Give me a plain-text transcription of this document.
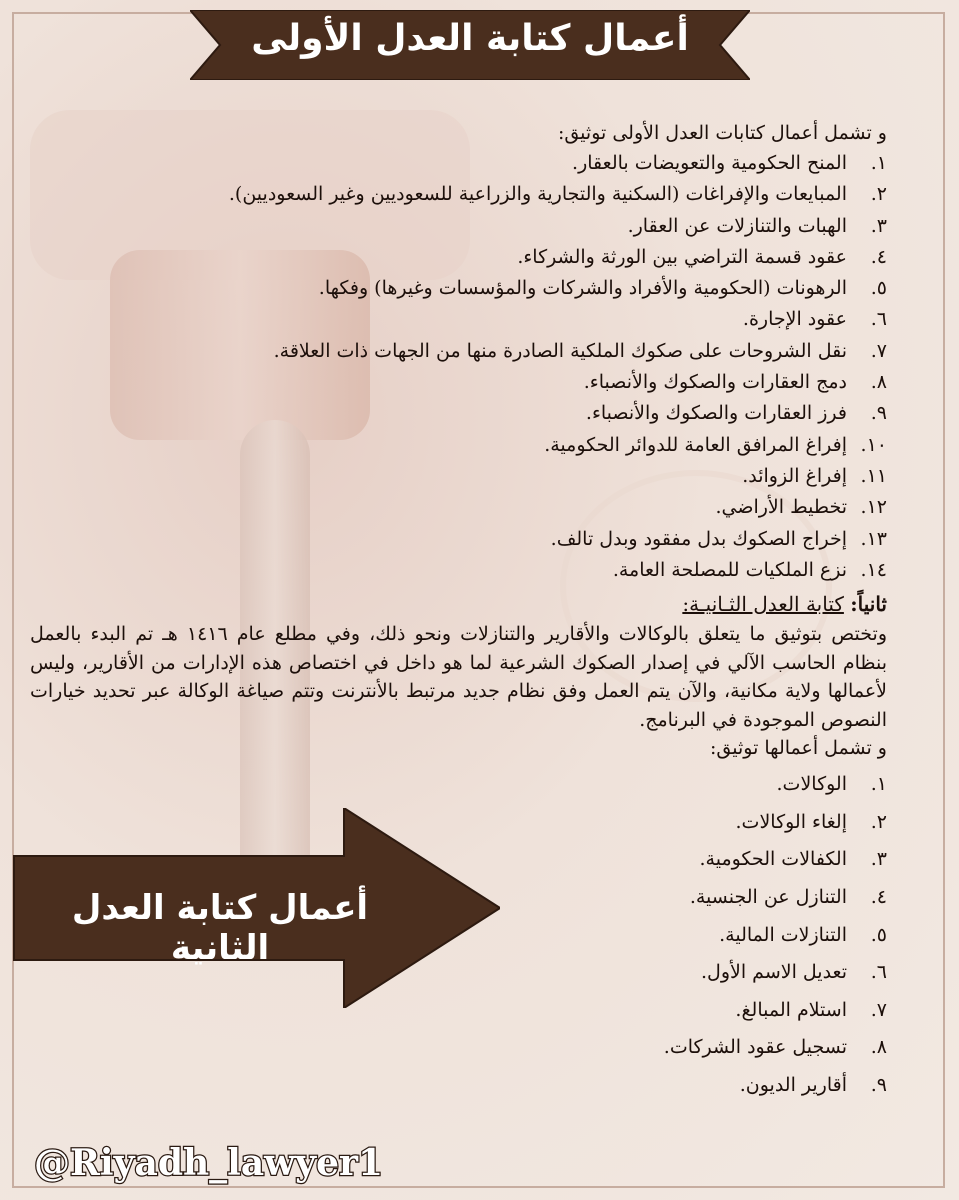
أعمال كتابة العدل الأولى
و تشمل أعمال كتابات العدل الأولى توثيق:
١.
المنح الحكومية والتعويضات بالعقار.
٢.
المبايعات والإفراغات (السكنية والتجارية والزراعية للسعوديين وغير السعوديين).
٣.
الهبات والتنازلات عن العقار.
٤.
عقود قسمة التراضي بين الورثة والشركاء.
٥.
الرهونات (الحكومية والأفراد والشركات والمؤسسات وغيرها) وفكها.
٦.
عقود الإجارة.
٧.
نقل الشروحات على صكوك الملكية الصادرة منها من الجهات ذات العلاقة.
٨.
دمج العقارات والصكوك والأنصباء.
٩.
فرز العقارات والصكوك والأنصباء.
١٠.
إفراغ المرافق العامة للدوائر الحكومية.
١١.
إفراغ الزوائد.
١٢.
تخطيط الأراضي.
١٣.
إخراج الصكوك بدل مفقود وبدل تالف.
١٤.
نزع الملكيات للمصلحة العامة.
ثانياً: كتابة العدل الثـانيـة:
وتختص بتوثيق ما يتعلق بالوكالات والأقارير والتنازلات ونحو ذلك، وفي مطلع عام ١٤١٦ هـ تم البدء بالعمل بنظام الحاسب الآلي في إصدار الصكوك الشرعية لما هو داخل في اختصاص هذه الإدارات من الأقارير، وليس لأعمالها ولاية مكانية، والآن يتم العمل وفق نظام جديد مرتبط بالأنترنت وتتم صياغة الوكالة عبر تحديد خيارات النصوص الموجودة في البرنامج.
و تشمل أعمالها توثيق:
١.
الوكالات.
٢.
إلغاء الوكالات.
٣.
الكفالات الحكومية.
٤.
التنازل عن الجنسية.
٥.
التنازلات المالية.
٦.
تعديل الاسم الأول.
٧.
استلام المبالغ.
٨.
تسجيل عقود الشركات.
٩.
أقارير الديون.
أعمال كتابة العدل الثانية
@Riyadh_lawyer1
